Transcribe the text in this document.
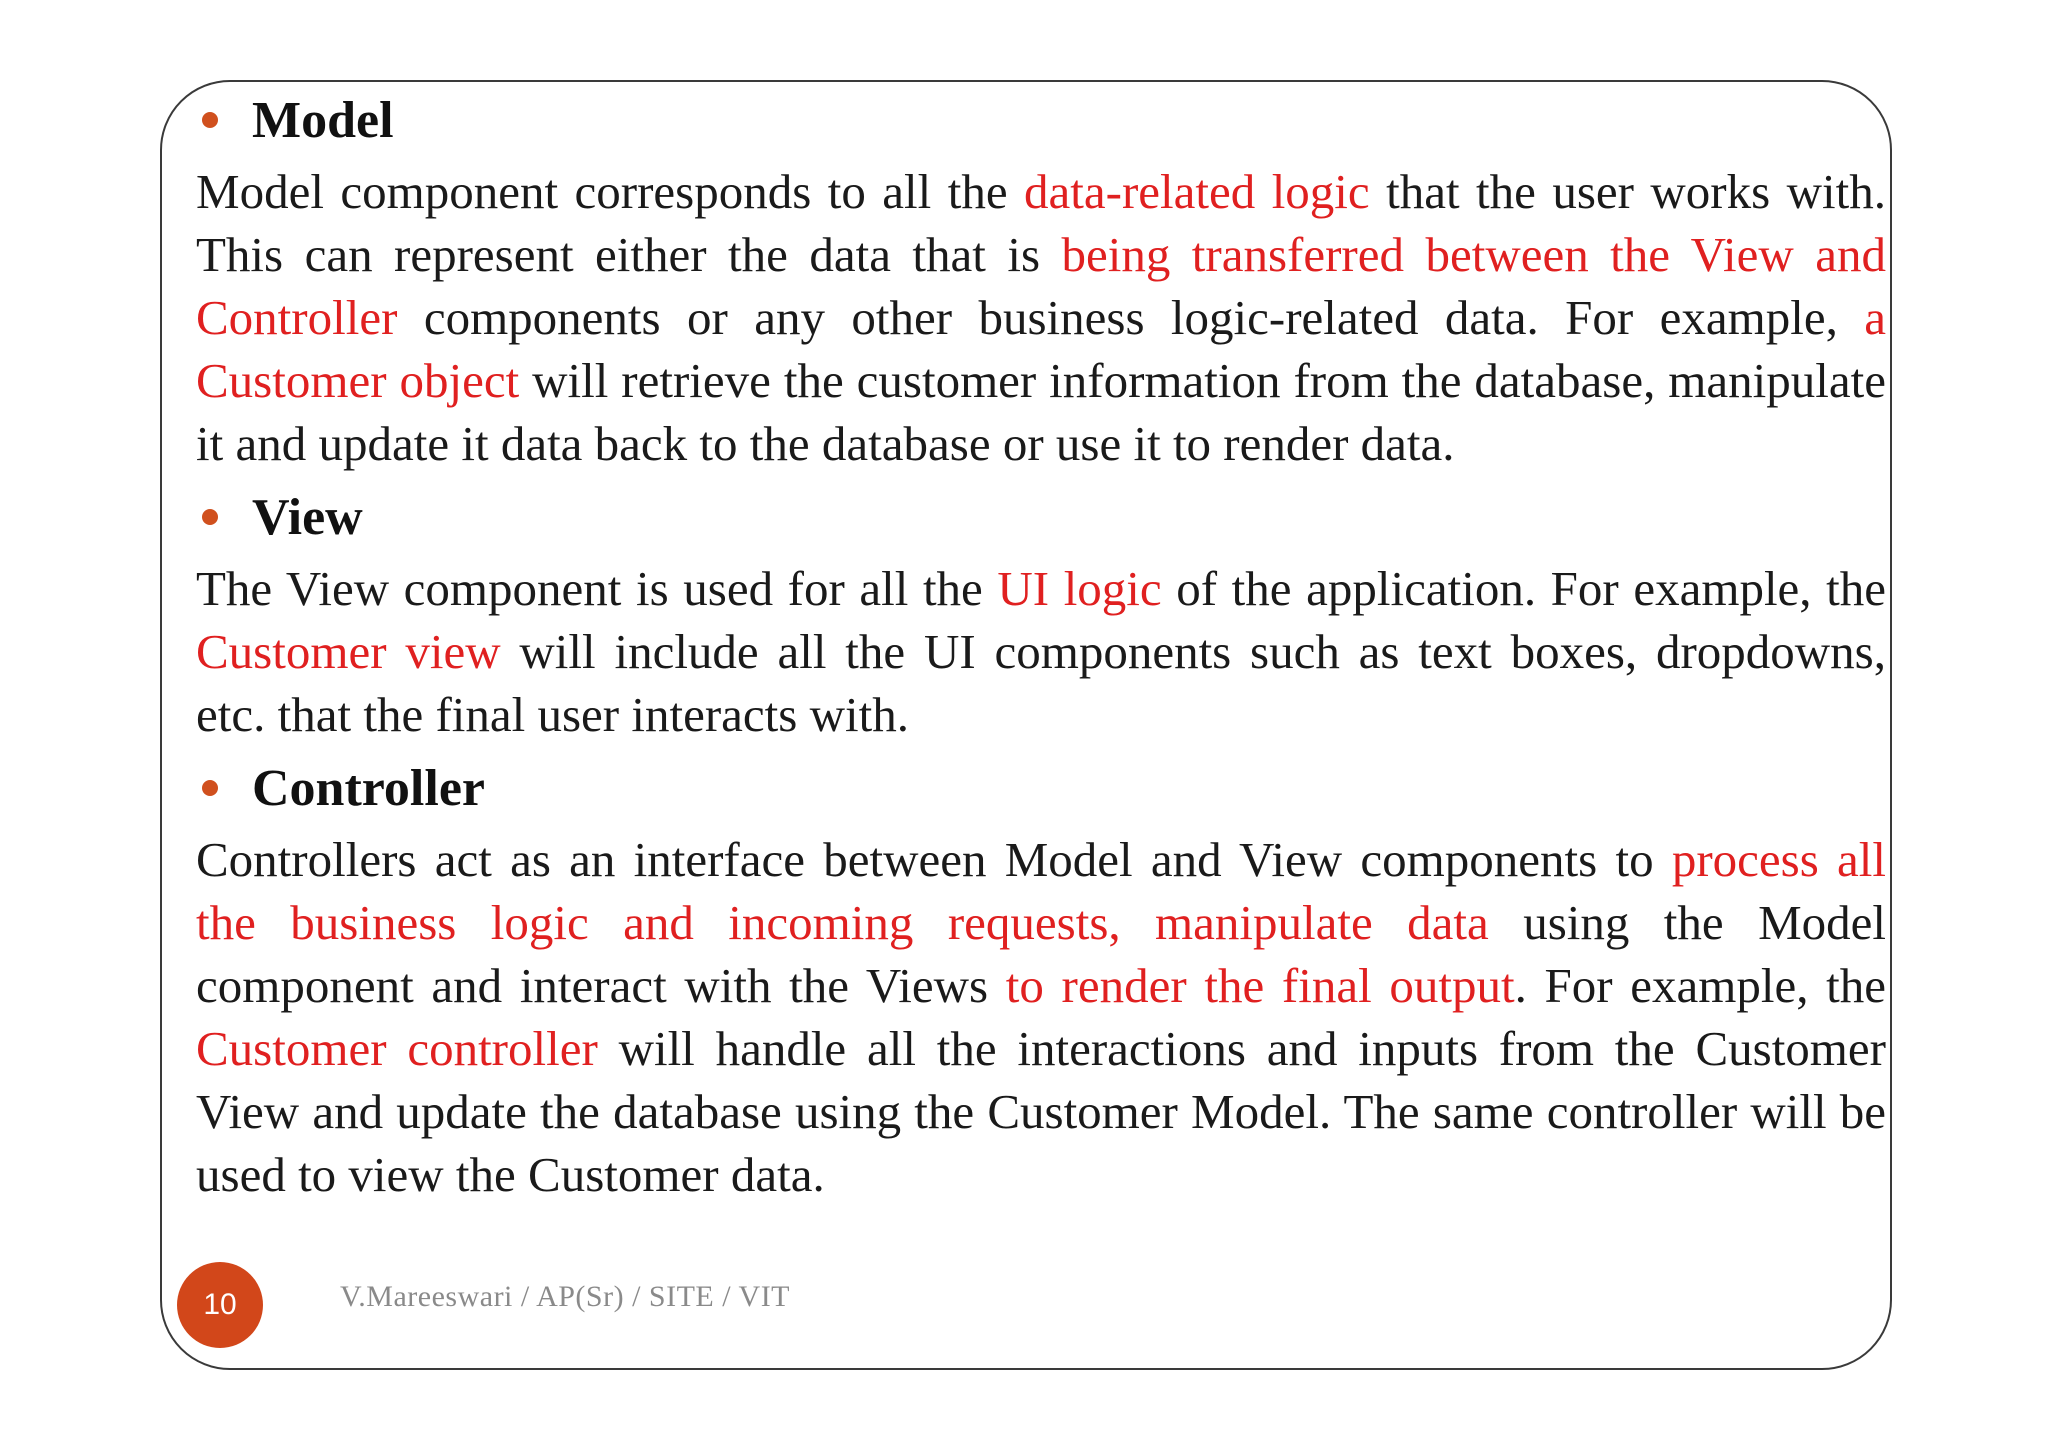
Model

Model component corresponds to all the data-related logic that the user works with. This can represent either the data that is being transferred between the View and Controller components or any other business logic-related data. For example, a Customer object will retrieve the customer information from the database, manipulate it and update it data back to the database or use it to render data.

View

The View component is used for all the UI logic of the application. For example, the Customer view will include all the UI components such as text boxes, dropdowns, etc. that the final user interacts with.

Controller

Controllers act as an interface between Model and View components to process all the business logic and incoming requests, manipulate data using the Model component and interact with the Views to render the final output. For example, the Customer controller will handle all the interactions and inputs from the Customer View and update the database using the Customer Model. The same controller will be used to view the Customer data.

10	V.Mareeswari / AP(Sr) / SITE / VIT
